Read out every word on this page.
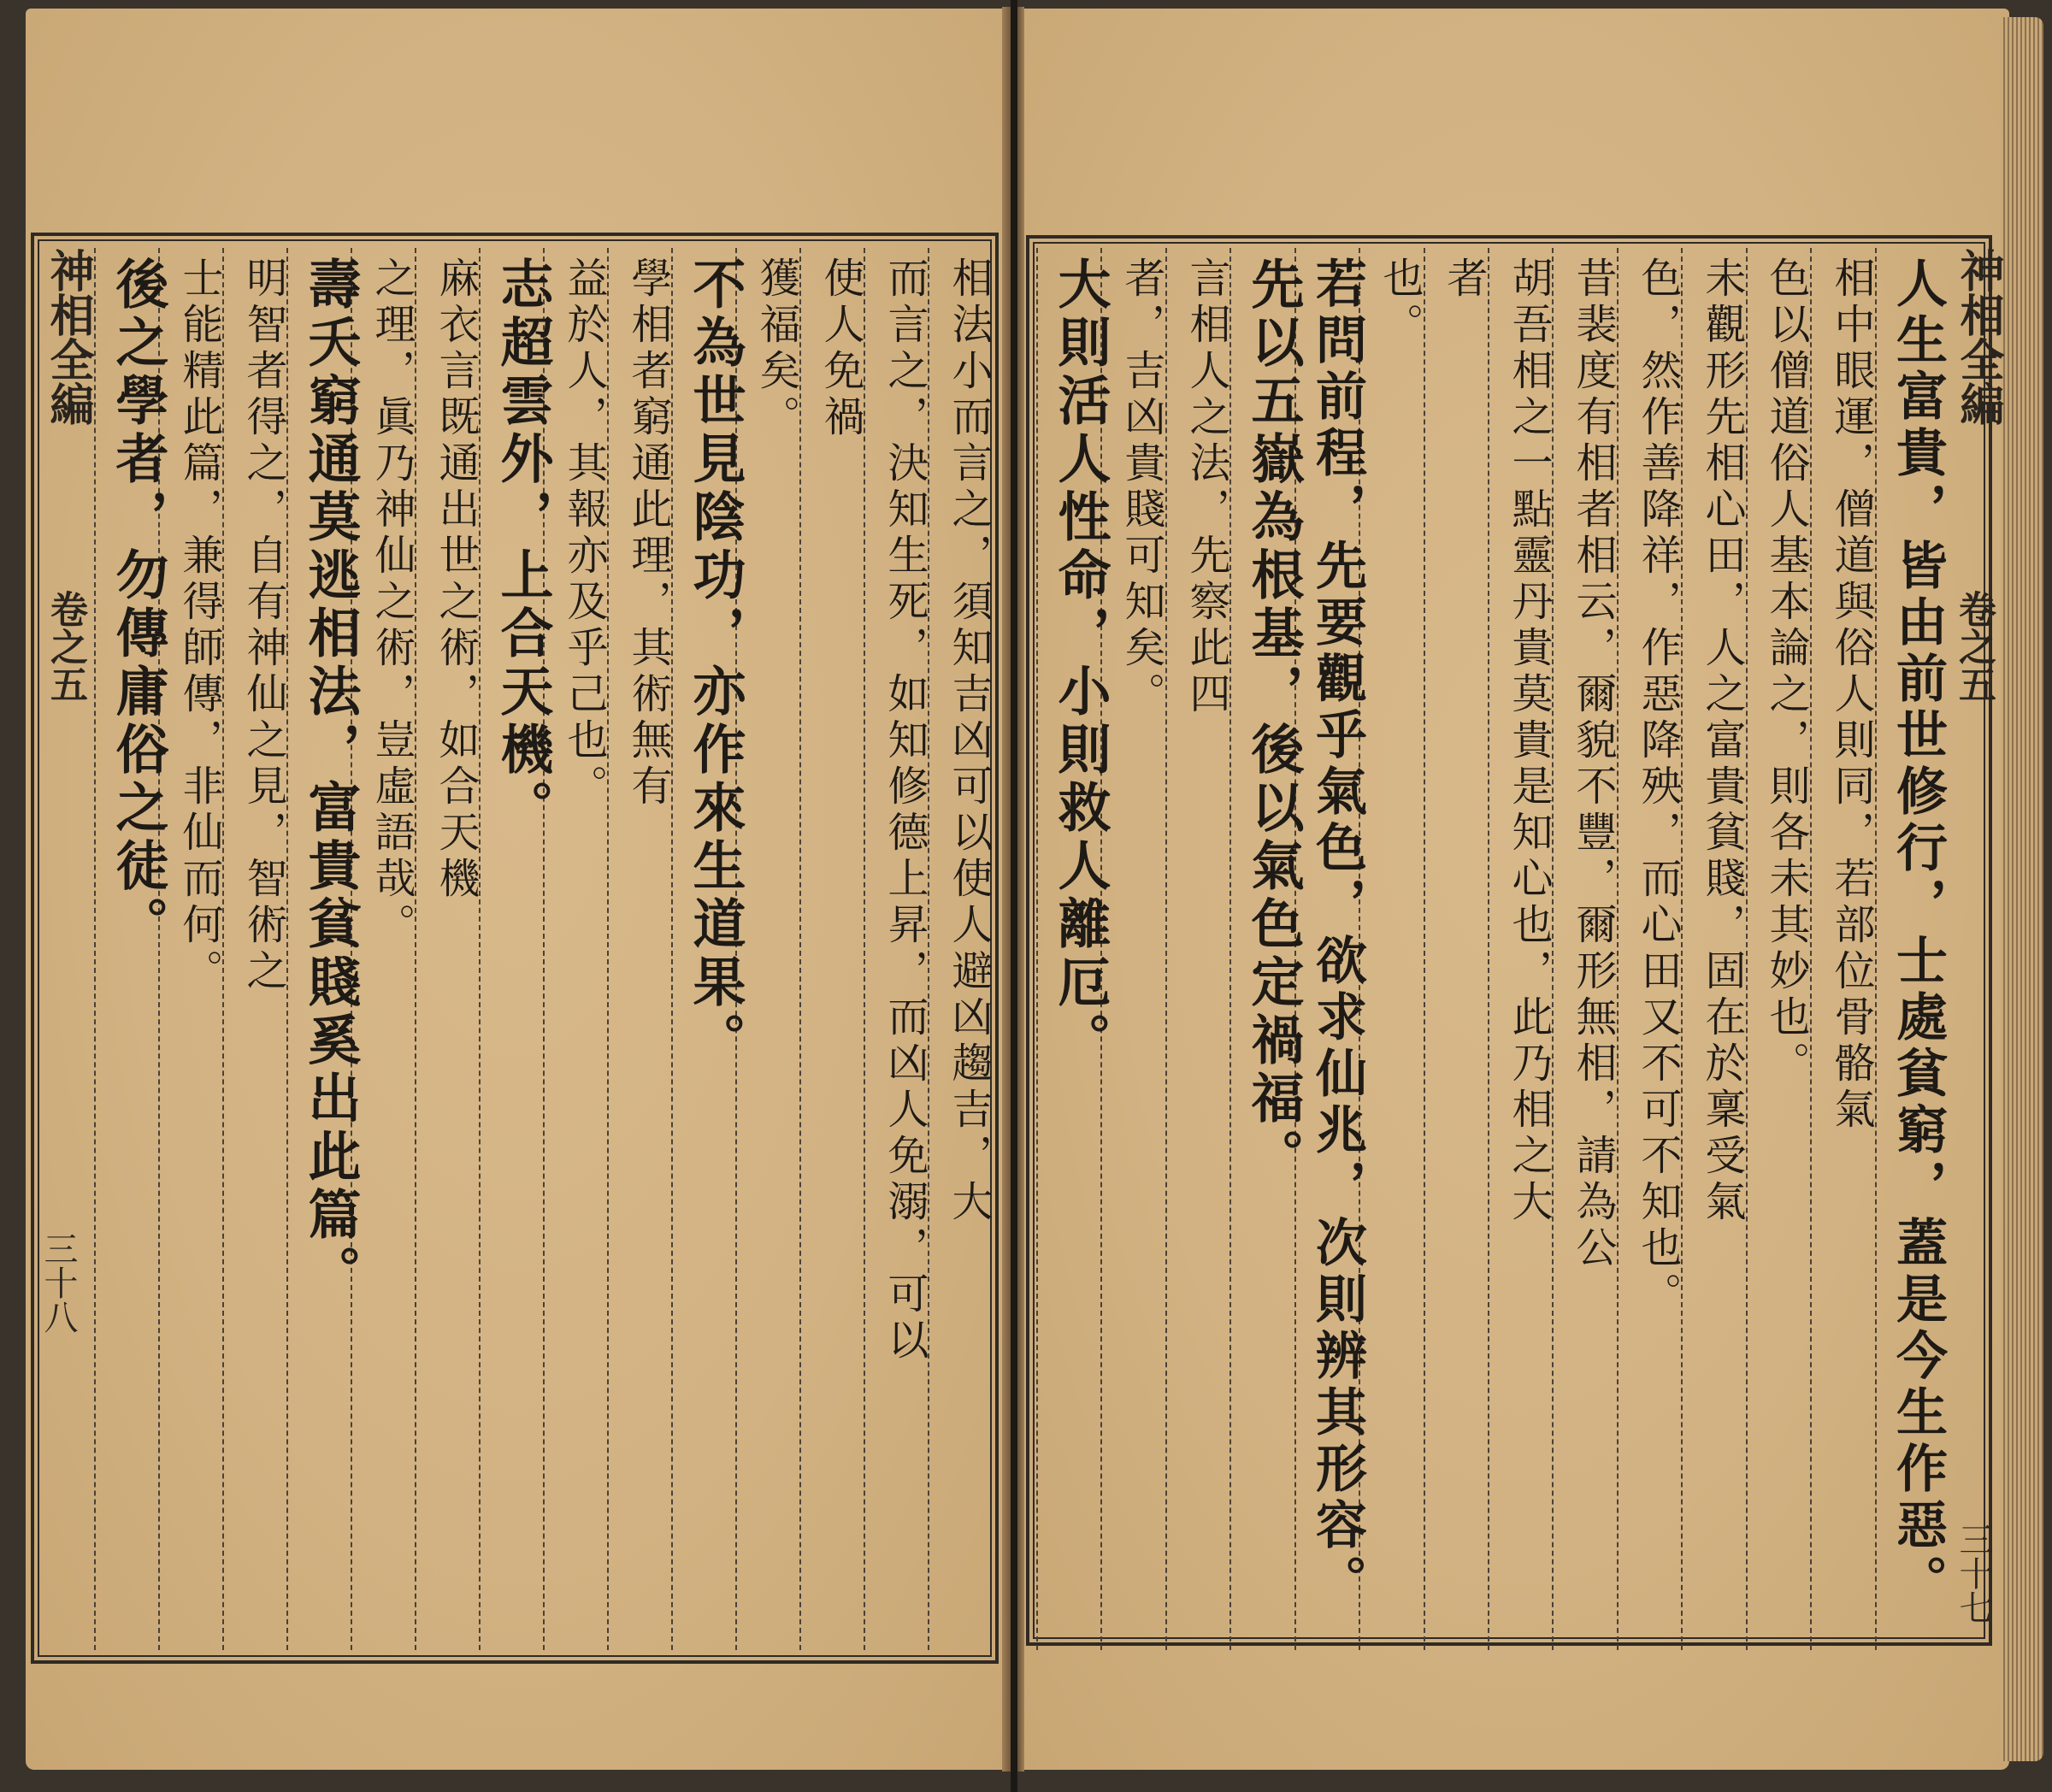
神相全編
卷之五
三十八
神相全編
卷之五
三十七
相法小而言之，須知吉凶可以使人避凶趨吉，大
而言之，決知生死，如知修德上昇，而凶人免溺，可以
使人免禍
獲福矣。
不為世見陰功，亦作來生道果。
學相者窮通此理，其術無有
益於人，其報亦及乎己也。
志超雲外，上合天機。
麻衣言既通出世之術，如合天機
之理，眞乃神仙之術，豈虛語哉。
壽夭窮通莫逃相法，富貴貧賤奚出此篇。
明智者得之，自有神仙之見，智術之
士能精此篇，兼得師傳，非仙而何。
後之學者，勿傳庸俗之徒。	人生富貴，皆由前世修行，士處貧窮，蓋是今生作惡。
相中眼運，僧道與俗人則同，若部位骨骼氣
色以僧道俗人基本論之，則各未其妙也。
未觀形先相心田，人之富貴貧賤，固在於稟受氣
色，然作善降祥，作惡降殃，而心田又不可不知也。
昔裴度有相者相云，爾貌不豐，爾形無相，請為公
胡吾相之一點靈丹貴莫貴是知心也，此乃相之大
者
也。
若問前程，先要觀乎氣色，欲求仙兆，次則辨其形容。
先以五嶽為根基，後以氣色定禍福。
言相人之法，先察此四
者，吉凶貴賤可知矣。
大則活人性命，小則救人離厄。
